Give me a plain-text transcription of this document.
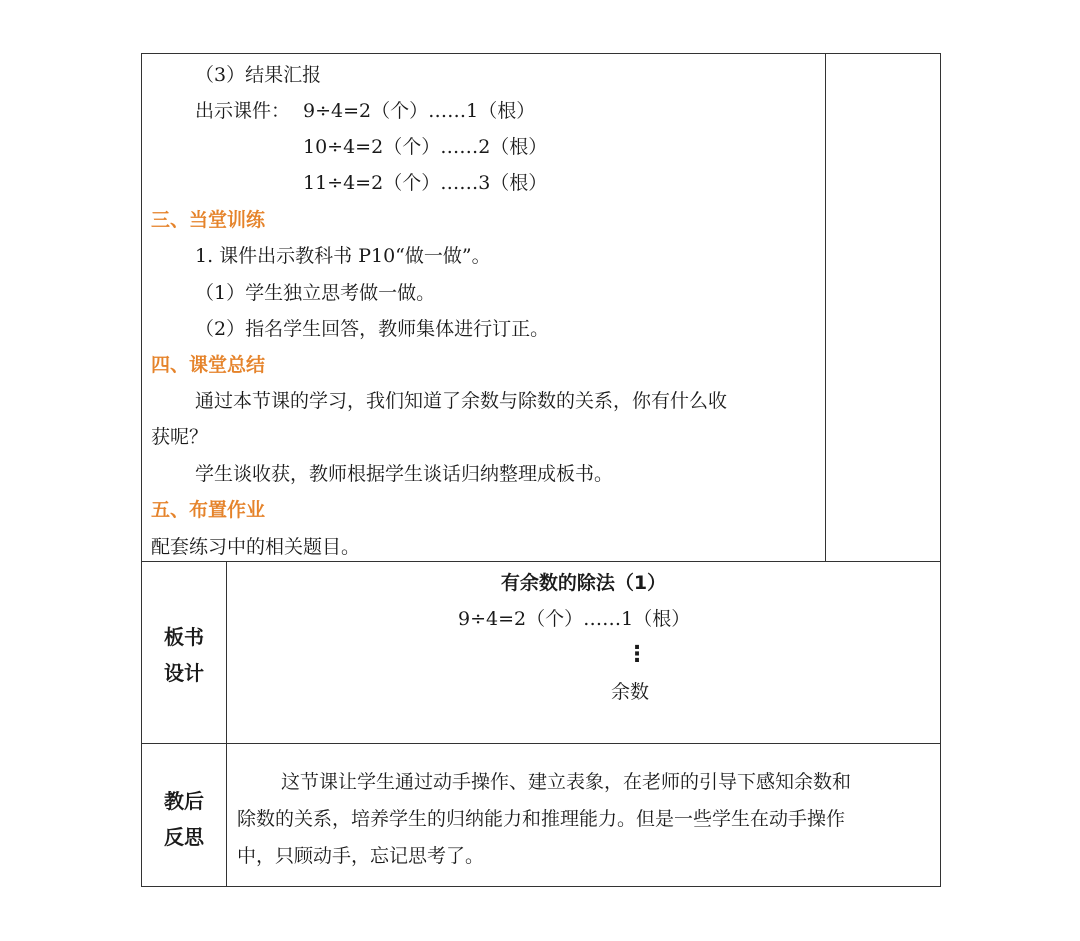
（3）结果汇报
出示课件： 9÷4=2（个）……1（根）
10÷4=2（个）……2（根）
11÷4=2（个）……3（根）
三、当堂训练
1. 课件出示教科书 P10“做一做”。
（1）学生独立思考做一做。
（2）指名学生回答，教师集体进行订正。
四、课堂总结
通过本节课的学习，我们知道了余数与除数的关系，你有什么收
获呢？
学生谈收获，教师根据学生谈话归纳整理成板书。
五、布置作业
配套练习中的相关题目。
板书
设计
有余数的除法（1）
9÷4=2（个）……1（根）
⋮
余数
教后
反思
这节课让学生通过动手操作、建立表象，在老师的引导下感知余数和
除数的关系，培养学生的归纳能力和推理能力。但是一些学生在动手操作
中，只顾动手，忘记思考了。
